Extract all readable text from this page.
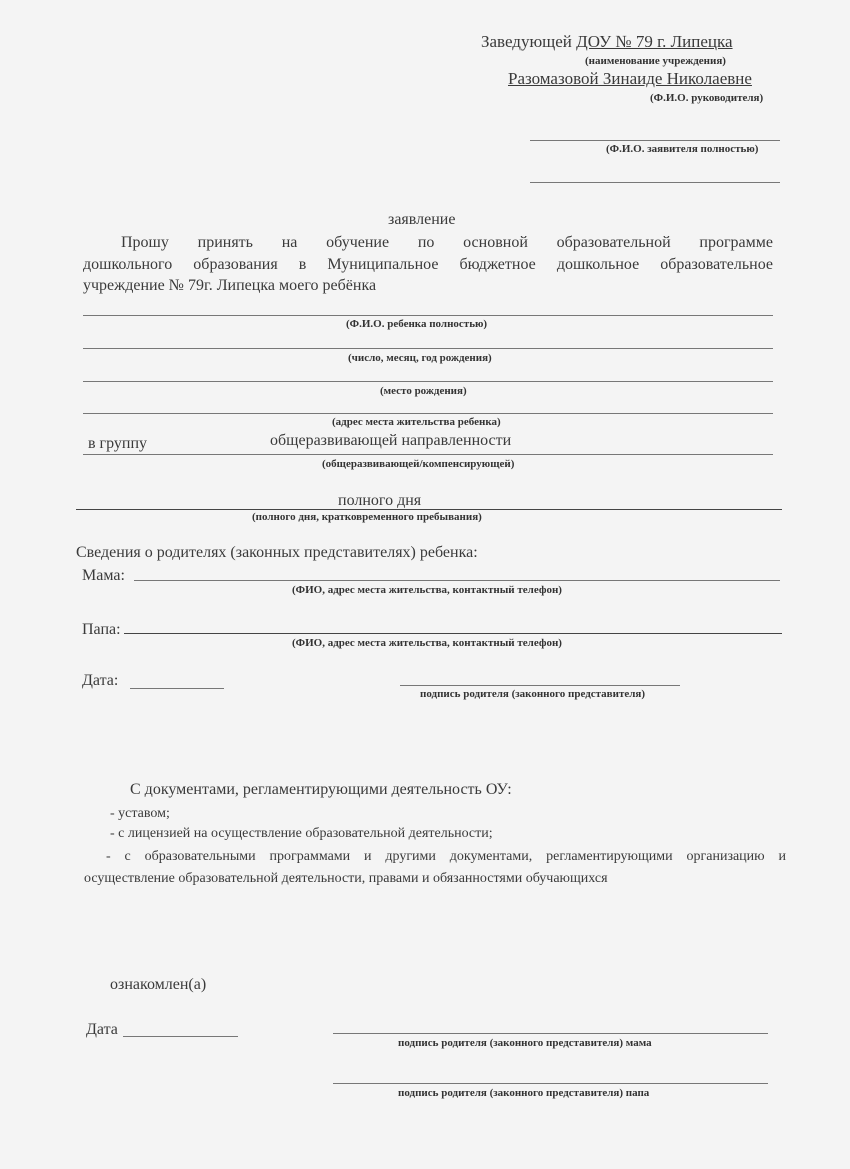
Заведующей ДОУ № 79 г. Липецка
(наименование учреждения)
Разомазовой Зинаиде Николаевне
(Ф.И.О. руководителя)
(Ф.И.О. заявителя полностью)
заявление
Прошу принять на обучение по основной образовательной программе
дошкольного образования в Муниципальное бюджетное дошкольное образовательное
учреждение № 79г. Липецка моего ребёнка
(Ф.И.О. ребенка полностью)
(число, месяц, год рождения)
(место рождения)
(адрес места жительства ребенка)
в группу	общеразвивающей направленности
(общеразвивающей/компенсирующей)
полного дня
(полного дня, кратковременного пребывания)
Сведения о родителях (законных представителях) ребенка:
Мама:
(ФИО, адрес места жительства, контактный телефон)
Папа:
(ФИО, адрес места жительства, контактный телефон)
Дата:
подпись родителя (законного представителя)
С документами, регламентирующими деятельность ОУ:
- уставом;
- с лицензией на осуществление образовательной деятельности;
- с образовательными программами и другими документами, регламентирующими организацию и осуществление образовательной деятельности, правами и обязанностями обучающихся
ознакомлен(а)
Дата
подпись родителя (законного представителя) мама
подпись родителя (законного представителя) папа
